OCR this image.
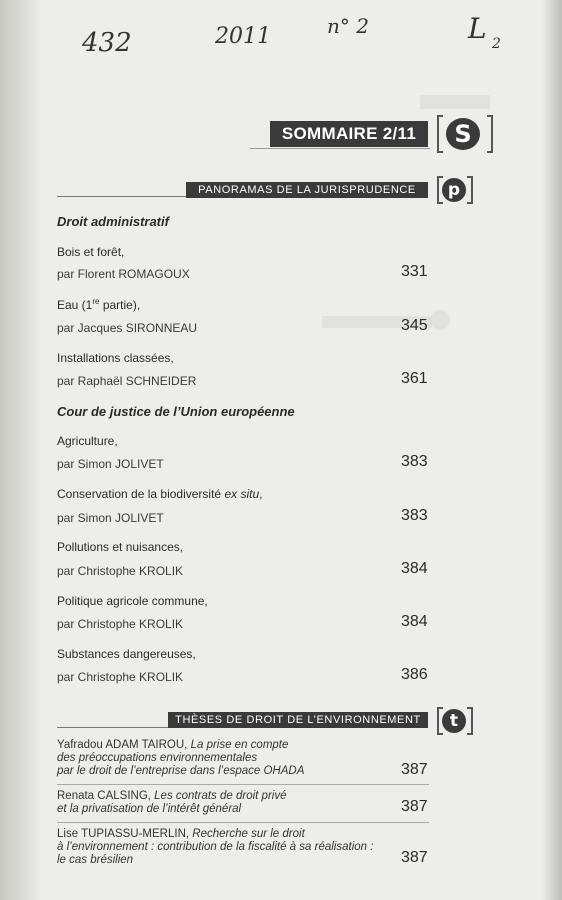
432	2011	n° 2	L 2
SOMMAIRE 2/11	S
PANORAMAS DE LA JURISPRUDENCE	p
Droit administratif
Bois et forêt,
par Florent ROMAGOUX	331
Eau (1re partie),
par Jacques SIRONNEAU	345
Installations classées,
par Raphaël SCHNEIDER	361
Cour de justice de l’Union européenne
Agriculture,
par Simon JOLIVET	383
Conservation de la biodiversité ex situ,
par Simon JOLIVET	383
Pollutions et nuisances,
par Christophe KROLIK	384
Politique agricole commune,
par Christophe KROLIK	384
Substances dangereuses,
par Christophe KROLIK	386
THÈSES DE DROIT DE L’ENVIRONNEMENT	t
Yafradou ADAM TAIROU, La prise en compte
des préoccupations environnementales
par le droit de l’entreprise dans l’espace OHADA	387
Renata CALSING, Les contrats de droit privé
et la privatisation de l’intérêt général	387
Lise TUPIASSU-MERLIN, Recherche sur le droit
à l’environnement : contribution de la fiscalité à sa réalisation :
le cas brésilien	387
